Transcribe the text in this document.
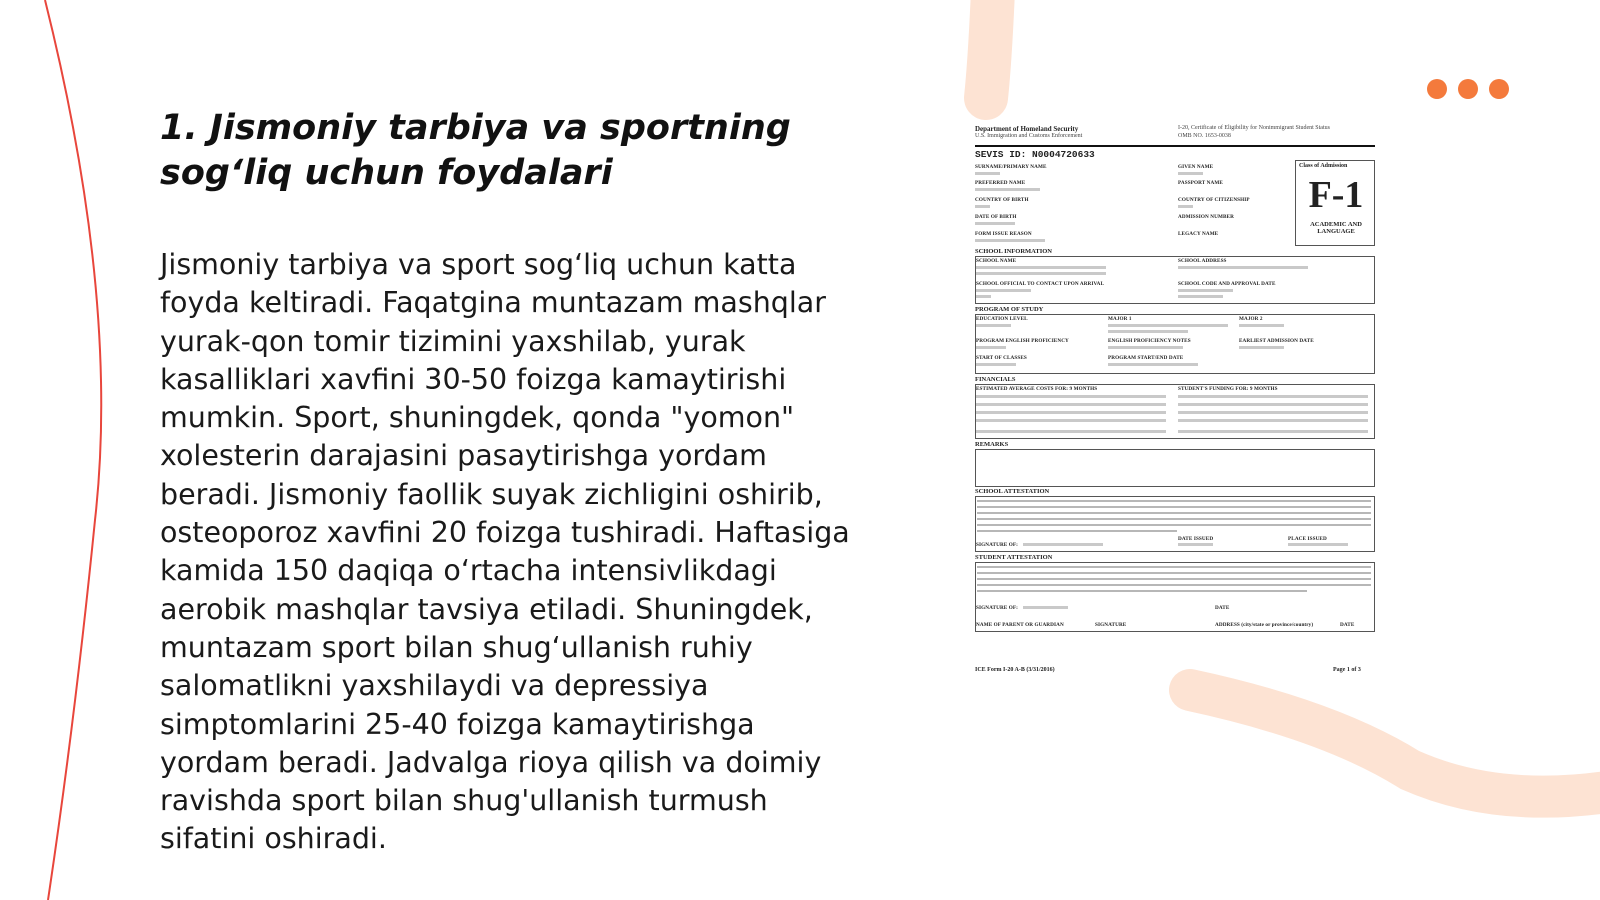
1. Jismoniy tarbiya va sportning sog‘liq uchun foydalari

Jismoniy tarbiya va sport sog‘liq uchun katta foyda keltiradi. Faqatgina muntazam mashqlar yurak-qon tomir tizimini yaxshilab, yurak kasalliklari xavfini 30-50 foizga kamaytirishi mumkin. Sport, shuningdek, qonda "yomon" xolesterin darajasini pasaytirishga yordam beradi. Jismoniy faollik suyak zichligini oshirib, osteoporoz xavfini 20 foizga tushiradi. Haftasiga kamida 150 daqiqa o‘rtacha intensivlikdagi aerobik mashqlar tavsiya etiladi. Shuningdek, muntazam sport bilan shug‘ullanish ruhiy salomatlikni yaxshilaydi va depressiya simptomlarini 25-40 foizga kamaytirishga yordam beradi. Jadvalga rioya qilish va doimiy ravishda sport bilan shug'ullanish turmush sifatini oshiradi.

Department of Homeland Security
U.S. Immigration and Customs Enforcement
I-20, Certificate of Eligibility for Nonimmigrant Student Status
OMB NO. 1653-0038
SEVIS ID: N0004720633
SURNAME/PRIMARY NAME	GIVEN NAME
PREFERRED NAME	PASSPORT NAME
COUNTRY OF BIRTH	COUNTRY OF CITIZENSHIP
DATE OF BIRTH	ADMISSION NUMBER
FORM ISSUE REASON	LEGACY NAME
Class of Admission
F-1
ACADEMIC AND LANGUAGE
SCHOOL INFORMATION
SCHOOL NAME	SCHOOL ADDRESS
SCHOOL OFFICIAL TO CONTACT UPON ARRIVAL	SCHOOL CODE AND APPROVAL DATE
PROGRAM OF STUDY
EDUCATION LEVEL	MAJOR 1	MAJOR 2
PROGRAM ENGLISH PROFICIENCY	ENGLISH PROFICIENCY NOTES	EARLIEST ADMISSION DATE
START OF CLASSES	PROGRAM START/END DATE
FINANCIALS
ESTIMATED AVERAGE COSTS FOR: 9 MONTHS	STUDENT'S FUNDING FOR: 9 MONTHS
REMARKS
SCHOOL ATTESTATION
SIGNATURE OF:
DATE ISSUED	PLACE ISSUED
STUDENT ATTESTATION
SIGNATURE OF:	DATE
NAME OF PARENT OR GUARDIAN	SIGNATURE	ADDRESS (city/state or province/country)	DATE
ICE Form I-20 A-B (3/31/2016)	Page 1 of 3
